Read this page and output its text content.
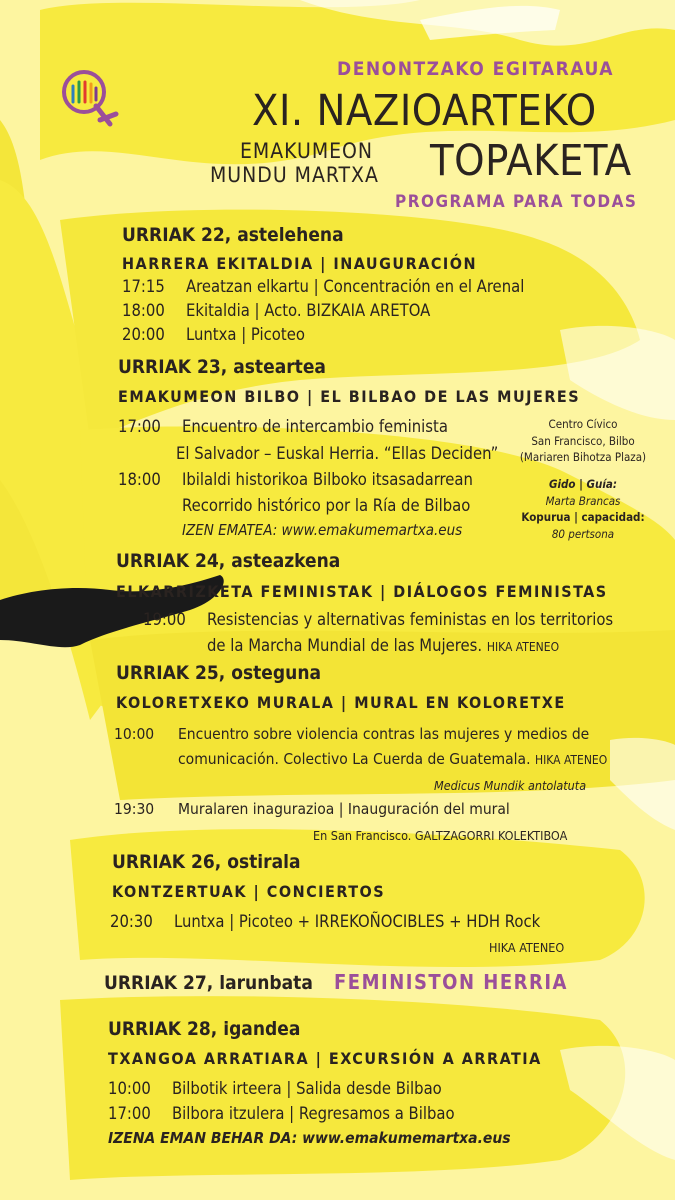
DENONTZAKO EGITARAUA
XI. NAZIOARTEKO
EMAKUMEON
MUNDU MARTXA TOPAKETA
PROGRAMA PARA TODAS
URRIAK 22, astelehena
HARRERA EKITALDIA | INAUGURACIÓN
17:15 Areatzan elkartu | Concentración en el Arenal
18:00 Ekitaldia | Acto. BIZKAIA ARETOA
20:00 Luntxa | Picoteo
URRIAK 23, asteartea
EMAKUMEON BILBO | EL BILBAO DE LAS MUJERES
17:00 Encuentro de intercambio feminista
El Salvador – Euskal Herria. “Ellas Deciden”
18:00 Ibilaldi historikoa Bilboko itsasadarrean
Recorrido histórico por la Ría de Bilbao
IZEN EMATEA: www.emakumemartxa.eus
Centro Cívico
San Francisco, Bilbo
(Mariaren Bihotza Plaza)
Gido | Guía:
Marta Brancas
Kopurua | capacidad:
80 pertsona
URRIAK 24, asteazkena
ELKARRIZKETA FEMINISTAK | DIÁLOGOS FEMINISTAS
19:00 Resistencias y alternativas feministas en los territorios
de la Marcha Mundial de las Mujeres. HIKA ATENEO
URRIAK 25, osteguna
KOLORETXEKO MURALA | MURAL EN KOLORETXE
10:00 Encuentro sobre violencia contras las mujeres y medios de
comunicación. Colectivo La Cuerda de Guatemala. HIKA ATENEO
Medicus Mundik antolatuta
19:30 Muralaren inagurazioa | Inauguración del mural
En San Francisco. GALTZAGORRI KOLEKTIBOA
URRIAK 26, ostirala
KONTZERTUAK | CONCIERTOS
20:30 Luntxa | Picoteo + IRREKOÑOCIBLES + HDH Rock
HIKA ATENEO
URRIAK 27, larunbata FEMINISTON HERRIA
URRIAK 28, igandea
TXANGOA ARRATIARA | EXCURSIÓN A ARRATIA
10:00 Bilbotik irteera | Salida desde Bilbao
17:00 Bilbora itzulera | Regresamos a Bilbao
IZENA EMAN BEHAR DA: www.emakumemartxa.eus
